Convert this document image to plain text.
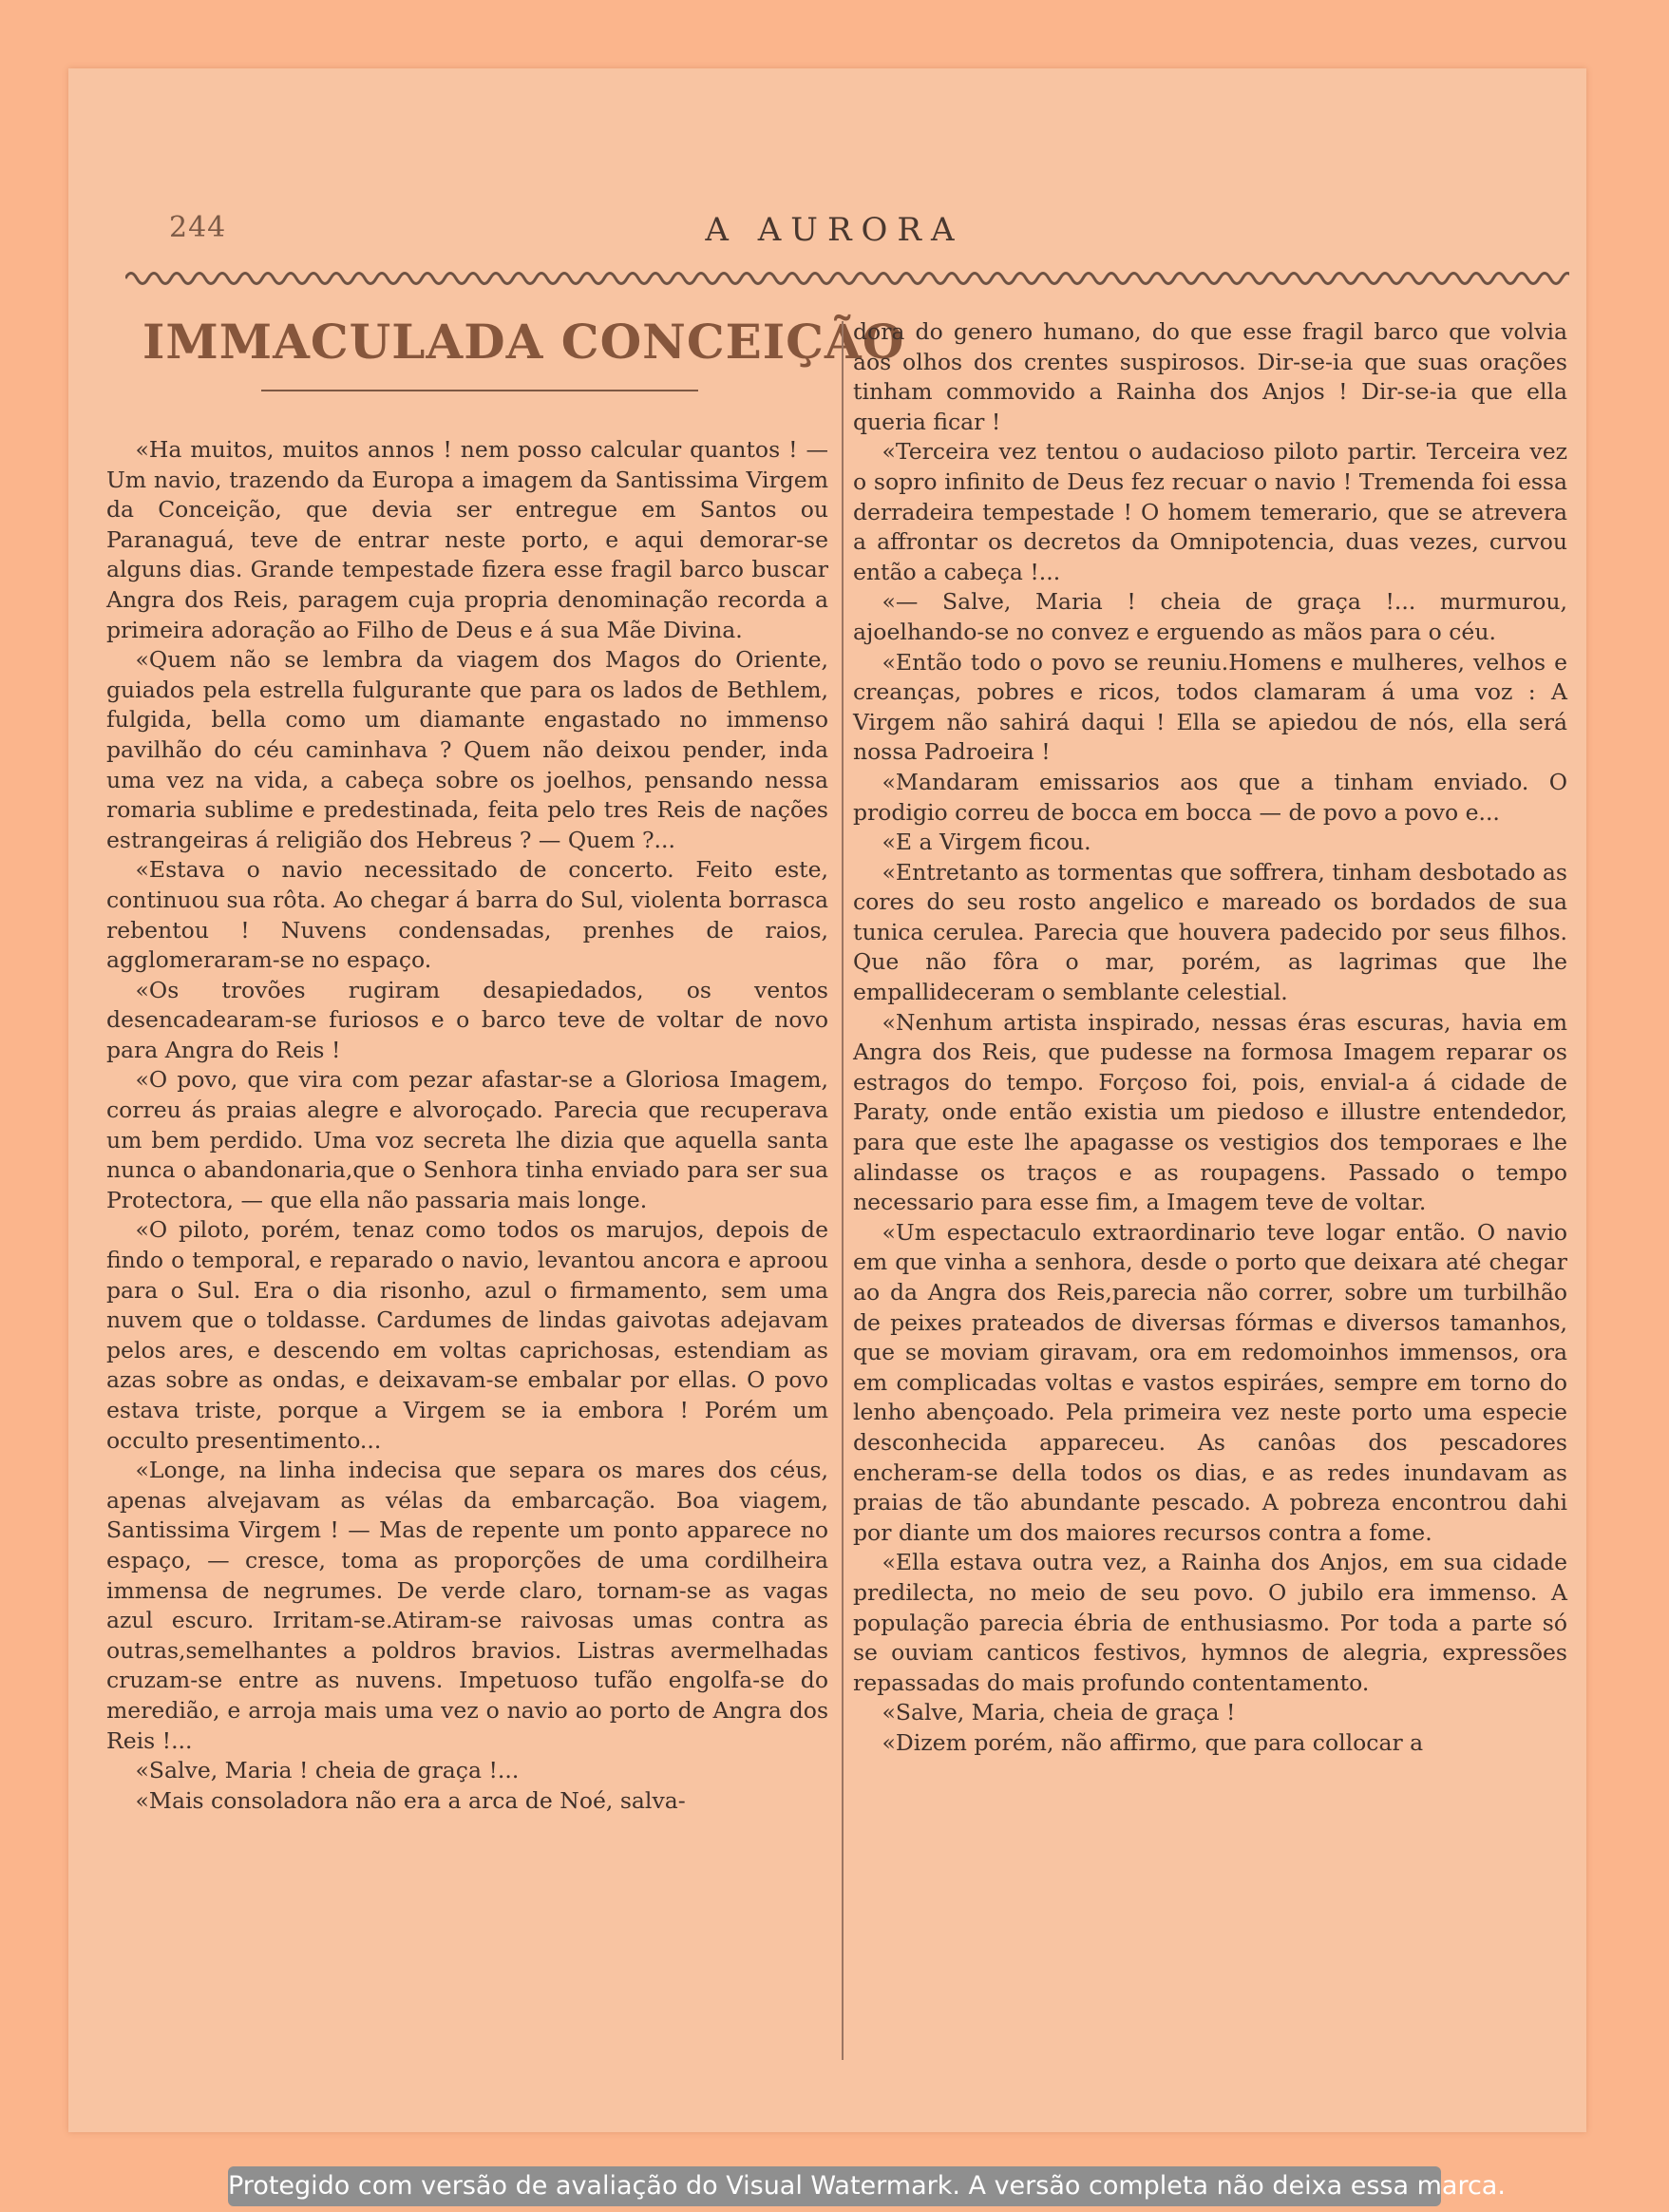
244	A AURORA
IMMACULADA CONCEIÇÃO

«Ha muitos, muitos annos ! nem posso calcular quantos ! — Um navio, trazendo da Europa a imagem da Santissima Virgem da Conceição, que devia ser entregue em Santos ou Paranaguá, teve de entrar neste porto, e aqui demorar-se alguns dias. Grande tempestade fizera esse fragil barco buscar Angra dos Reis, paragem cuja propria denominação recorda a primeira adoração ao Filho de Deus e á sua Mãe Divina.

«Quem não se lembra da viagem dos Magos do Oriente, guiados pela estrella fulgurante que para os lados de Bethlem, fulgida, bella como um diamante engastado no immenso pavilhão do céu caminhava ? Quem não deixou pender, inda uma vez na vida, a cabeça sobre os joelhos, pensando nessa romaria sublime e predestinada, feita pelo tres Reis de nações estrangeiras á religião dos Hebreus ? — Quem ?...

«Estava o navio necessitado de concerto. Feito este, continuou sua rôta. Ao chegar á barra do Sul, violenta borrasca rebentou ! Nuvens condensadas, prenhes de raios, agglomeraram-se no espaço.

«Os trovões rugiram desapiedados, os ventos desencadearam-se furiosos e o barco teve de voltar de novo para Angra do Reis !

«O povo, que vira com pezar afastar-se a Gloriosa Imagem, correu ás praias alegre e alvoroçado. Parecia que recuperava um bem perdido. Uma voz secreta lhe dizia que aquella santa nunca o abandonaria,que o Senhora tinha enviado para ser sua Protectora, — que ella não passaria mais longe.

«O piloto, porém, tenaz como todos os marujos, depois de findo o temporal, e reparado o navio, levantou ancora e aproou para o Sul. Era o dia risonho, azul o firmamento, sem uma nuvem que o toldasse. Cardumes de lindas gaivotas adejavam pelos ares, e descendo em voltas caprichosas, estendiam as azas sobre as ondas, e deixavam-se embalar por ellas. O povo estava triste, porque a Virgem se ia embora ! Porém um occulto presentimento...

«Longe, na linha indecisa que separa os mares dos céus, apenas alvejavam as vélas da embarcação. Boa viagem, Santissima Virgem ! — Mas de repente um ponto apparece no espaço, — cresce, toma as proporções de uma cordilheira immensa de negrumes. De verde claro, tornam-se as vagas azul escuro. Irritam-se.Atiram-se raivosas umas contra as outras,semelhantes a poldros bravios. Listras avermelhadas cruzam-se entre as nuvens. Impetuoso tufão engolfa-se do meredião, e arroja mais uma vez o navio ao porto de Angra dos Reis !...

«Salve, Maria ! cheia de graça !...

«Mais consoladora não era a arca de Noé, salva-

dora do genero humano, do que esse fragil barco que volvia aos olhos dos crentes suspirosos. Dir-se-ia que suas orações tinham commovido a Rainha dos Anjos ! Dir-se-ia que ella queria ficar !

«Terceira vez tentou o audacioso piloto partir. Terceira vez o sopro infinito de Deus fez recuar o navio ! Tremenda foi essa derradeira tempestade ! O homem temerario, que se atrevera a affrontar os decretos da Omnipotencia, duas vezes, curvou então a cabeça !...

«— Salve, Maria ! cheia de graça !... murmurou, ajoelhando-se no convez e erguendo as mãos para o céu.

«Então todo o povo se reuniu.Homens e mulheres, velhos e creanças, pobres e ricos, todos clamaram á uma voz : A Virgem não sahirá daqui ! Ella se apiedou de nós, ella será nossa Padroeira !

«Mandaram emissarios aos que a tinham enviado. O prodigio correu de bocca em bocca — de povo a povo e...

«E a Virgem ficou.

«Entretanto as tormentas que soffrera, tinham desbotado as cores do seu rosto angelico e mareado os bordados de sua tunica cerulea. Parecia que houvera padecido por seus filhos. Que não fôra o mar, porém, as lagrimas que lhe empallideceram o semblante celestial.

«Nenhum artista inspirado, nessas éras escuras, havia em Angra dos Reis, que pudesse na formosa Imagem reparar os estragos do tempo. Forçoso foi, pois, envial-a á cidade de Paraty, onde então existia um piedoso e illustre entendedor, para que este lhe apagasse os vestigios dos temporaes e lhe alindasse os traços e as roupagens. Passado o tempo necessario para esse fim, a Imagem teve de voltar.

«Um espectaculo extraordinario teve logar então. O navio em que vinha a senhora, desde o porto que deixara até chegar ao da Angra dos Reis,parecia não correr, sobre um turbilhão de peixes prateados de diversas fórmas e diversos tamanhos, que se moviam giravam, ora em redomoinhos immensos, ora em complicadas voltas e vastos espiráes, sempre em torno do lenho abençoado. Pela primeira vez neste porto uma especie desconhecida appareceu. As canôas dos pescadores encheram-se della todos os dias, e as redes inundavam as praias de tão abundante pescado. A pobreza encontrou dahi por diante um dos maiores recursos contra a fome.

«Ella estava outra vez, a Rainha dos Anjos, em sua cidade predilecta, no meio de seu povo. O jubilo era immenso. A população parecia ébria de enthusiasmo. Por toda a parte só se ouviam canticos festivos, hymnos de alegria, expressões repassadas do mais profundo contentamento.

«Salve, Maria, cheia de graça !

«Dizem porém, não affirmo, que para collocar a

Protegido com versão de avaliação do Visual Watermark. A versão completa não deixa essa marca.
